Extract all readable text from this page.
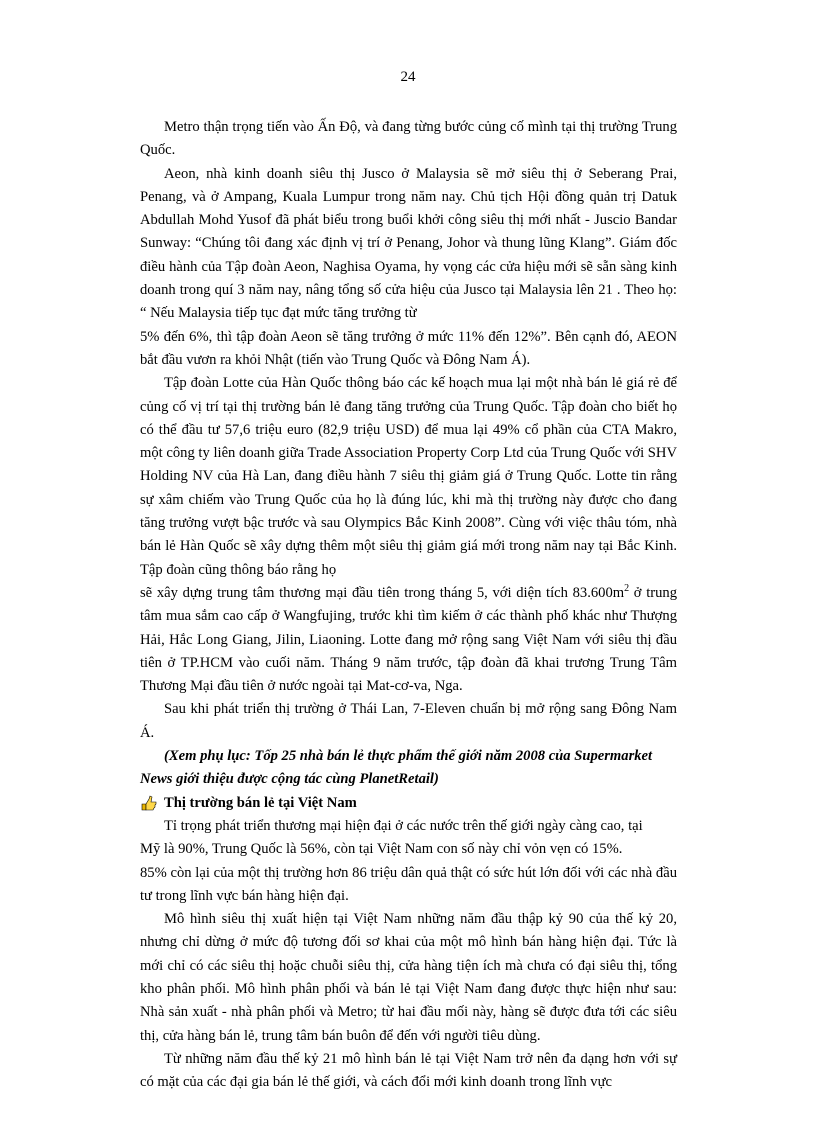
24

Metro thận trọng tiến vào Ấn Độ, và đang từng bước củng cố mình tại thị trường Trung Quốc.

Aeon, nhà kinh doanh siêu thị Jusco ở Malaysia sẽ mở siêu thị ở Seberang Prai, Penang, và ở Ampang, Kuala Lumpur trong năm nay. Chủ tịch Hội đồng quản trị Datuk Abdullah Mohd Yusof đã phát biểu trong buổi khởi công siêu thị mới nhất - Juscio Bandar Sunway: “Chúng tôi đang xác định vị trí ở Penang, Johor và thung lũng Klang”. Giám đốc điều hành của Tập đoàn Aeon, Naghisa Oyama, hy vọng các cửa hiệu mới sẽ sẵn sàng kinh doanh trong quí 3 năm nay, nâng tổng số cửa hiệu của Jusco tại Malaysia lên 21 . Theo họ: “ Nếu Malaysia tiếp tục đạt mức tăng trưởng từ

5% đến 6%, thì tập đoàn Aeon sẽ tăng trưởng ở mức 11% đến 12%”. Bên cạnh đó, AEON bắt đầu vươn ra khỏi Nhật (tiến vào Trung Quốc và Đông Nam Á).

Tập đoàn Lotte của Hàn Quốc thông báo các kế hoạch mua lại một nhà bán lẻ giá rẻ để củng cố vị trí tại thị trường bán lẻ đang tăng trưởng của Trung Quốc. Tập đoàn cho biết họ có thể đầu tư 57,6 triệu euro (82,9 triệu USD) để mua lại 49% cổ phần của CTA Makro, một công ty liên doanh giữa Trade Association Property Corp Ltd của Trung Quốc với SHV Holding NV của Hà Lan, đang điều hành 7 siêu thị giảm giá ở Trung Quốc. Lotte tin rằng sự xâm chiếm vào Trung Quốc của họ là đúng lúc, khi mà thị trường này được cho đang tăng trưởng vượt bậc trước và sau Olympics Bắc Kinh 2008”. Cùng với việc thâu tóm, nhà bán lẻ Hàn Quốc sẽ xây dựng thêm một siêu thị giảm giá mới trong năm nay tại Bắc Kinh. Tập đoàn cũng thông báo rằng họ

sẽ xây dựng trung tâm thương mại đầu tiên trong tháng 5, với diện tích $83.600m^2$ ở trung tâm mua sắm cao cấp ở Wangfujing, trước khi tìm kiếm ở các thành phố khác như Thượng Hải, Hắc Long Giang, Jilin, Liaoning. Lotte đang mở rộng sang Việt Nam với siêu thị đầu tiên ở TP.HCM vào cuối năm. Tháng 9 năm trước, tập đoàn đã khai trương Trung Tâm Thương Mại đầu tiên ở nước ngoài tại Mat-cơ-va, Nga.

Sau khi phát triển thị trường ở Thái Lan, 7-Eleven chuẩn bị mở rộng sang Đông Nam Á.

(Xem phụ lục: Tốp 25 nhà bán lẻ thực phẩm thế giới năm 2008 của Supermarket News giới thiệu được cộng tác cùng PlanetRetail)

Thị trường bán lẻ tại Việt Nam

Tỉ trọng phát triển thương mại hiện đại ở các nước trên thế giới ngày càng cao, tại

Mỹ là 90%, Trung Quốc là 56%, còn tại Việt Nam con số này chỉ vỏn vẹn có 15%.

85% còn lại của một thị trường hơn 86 triệu dân quả thật có sức hút lớn đối với các nhà đầu tư trong lĩnh vực bán hàng hiện đại.

Mô hình siêu thị xuất hiện tại Việt Nam những năm đầu thập kỷ 90 của thế kỷ 20, nhưng chỉ dừng ở mức độ tương đối sơ khai của một mô hình bán hàng hiện đại. Tức là mới chỉ có các siêu thị hoặc chuỗi siêu thị, cửa hàng tiện ích mà chưa có đại siêu thị, tổng kho phân phối. Mô hình phân phối và bán lẻ tại Việt Nam đang được thực hiện như sau: Nhà sản xuất - nhà phân phối và Metro; từ hai đầu mối này, hàng sẽ được đưa tới các siêu thị, cửa hàng bán lẻ, trung tâm bán buôn để đến với người tiêu dùng.

Từ những năm đầu thế kỷ 21 mô hình bán lẻ tại Việt Nam trở nên đa dạng hơn với sự có mặt của các đại gia bán lẻ thế giới, và cách đổi mới kinh doanh trong lĩnh vực
